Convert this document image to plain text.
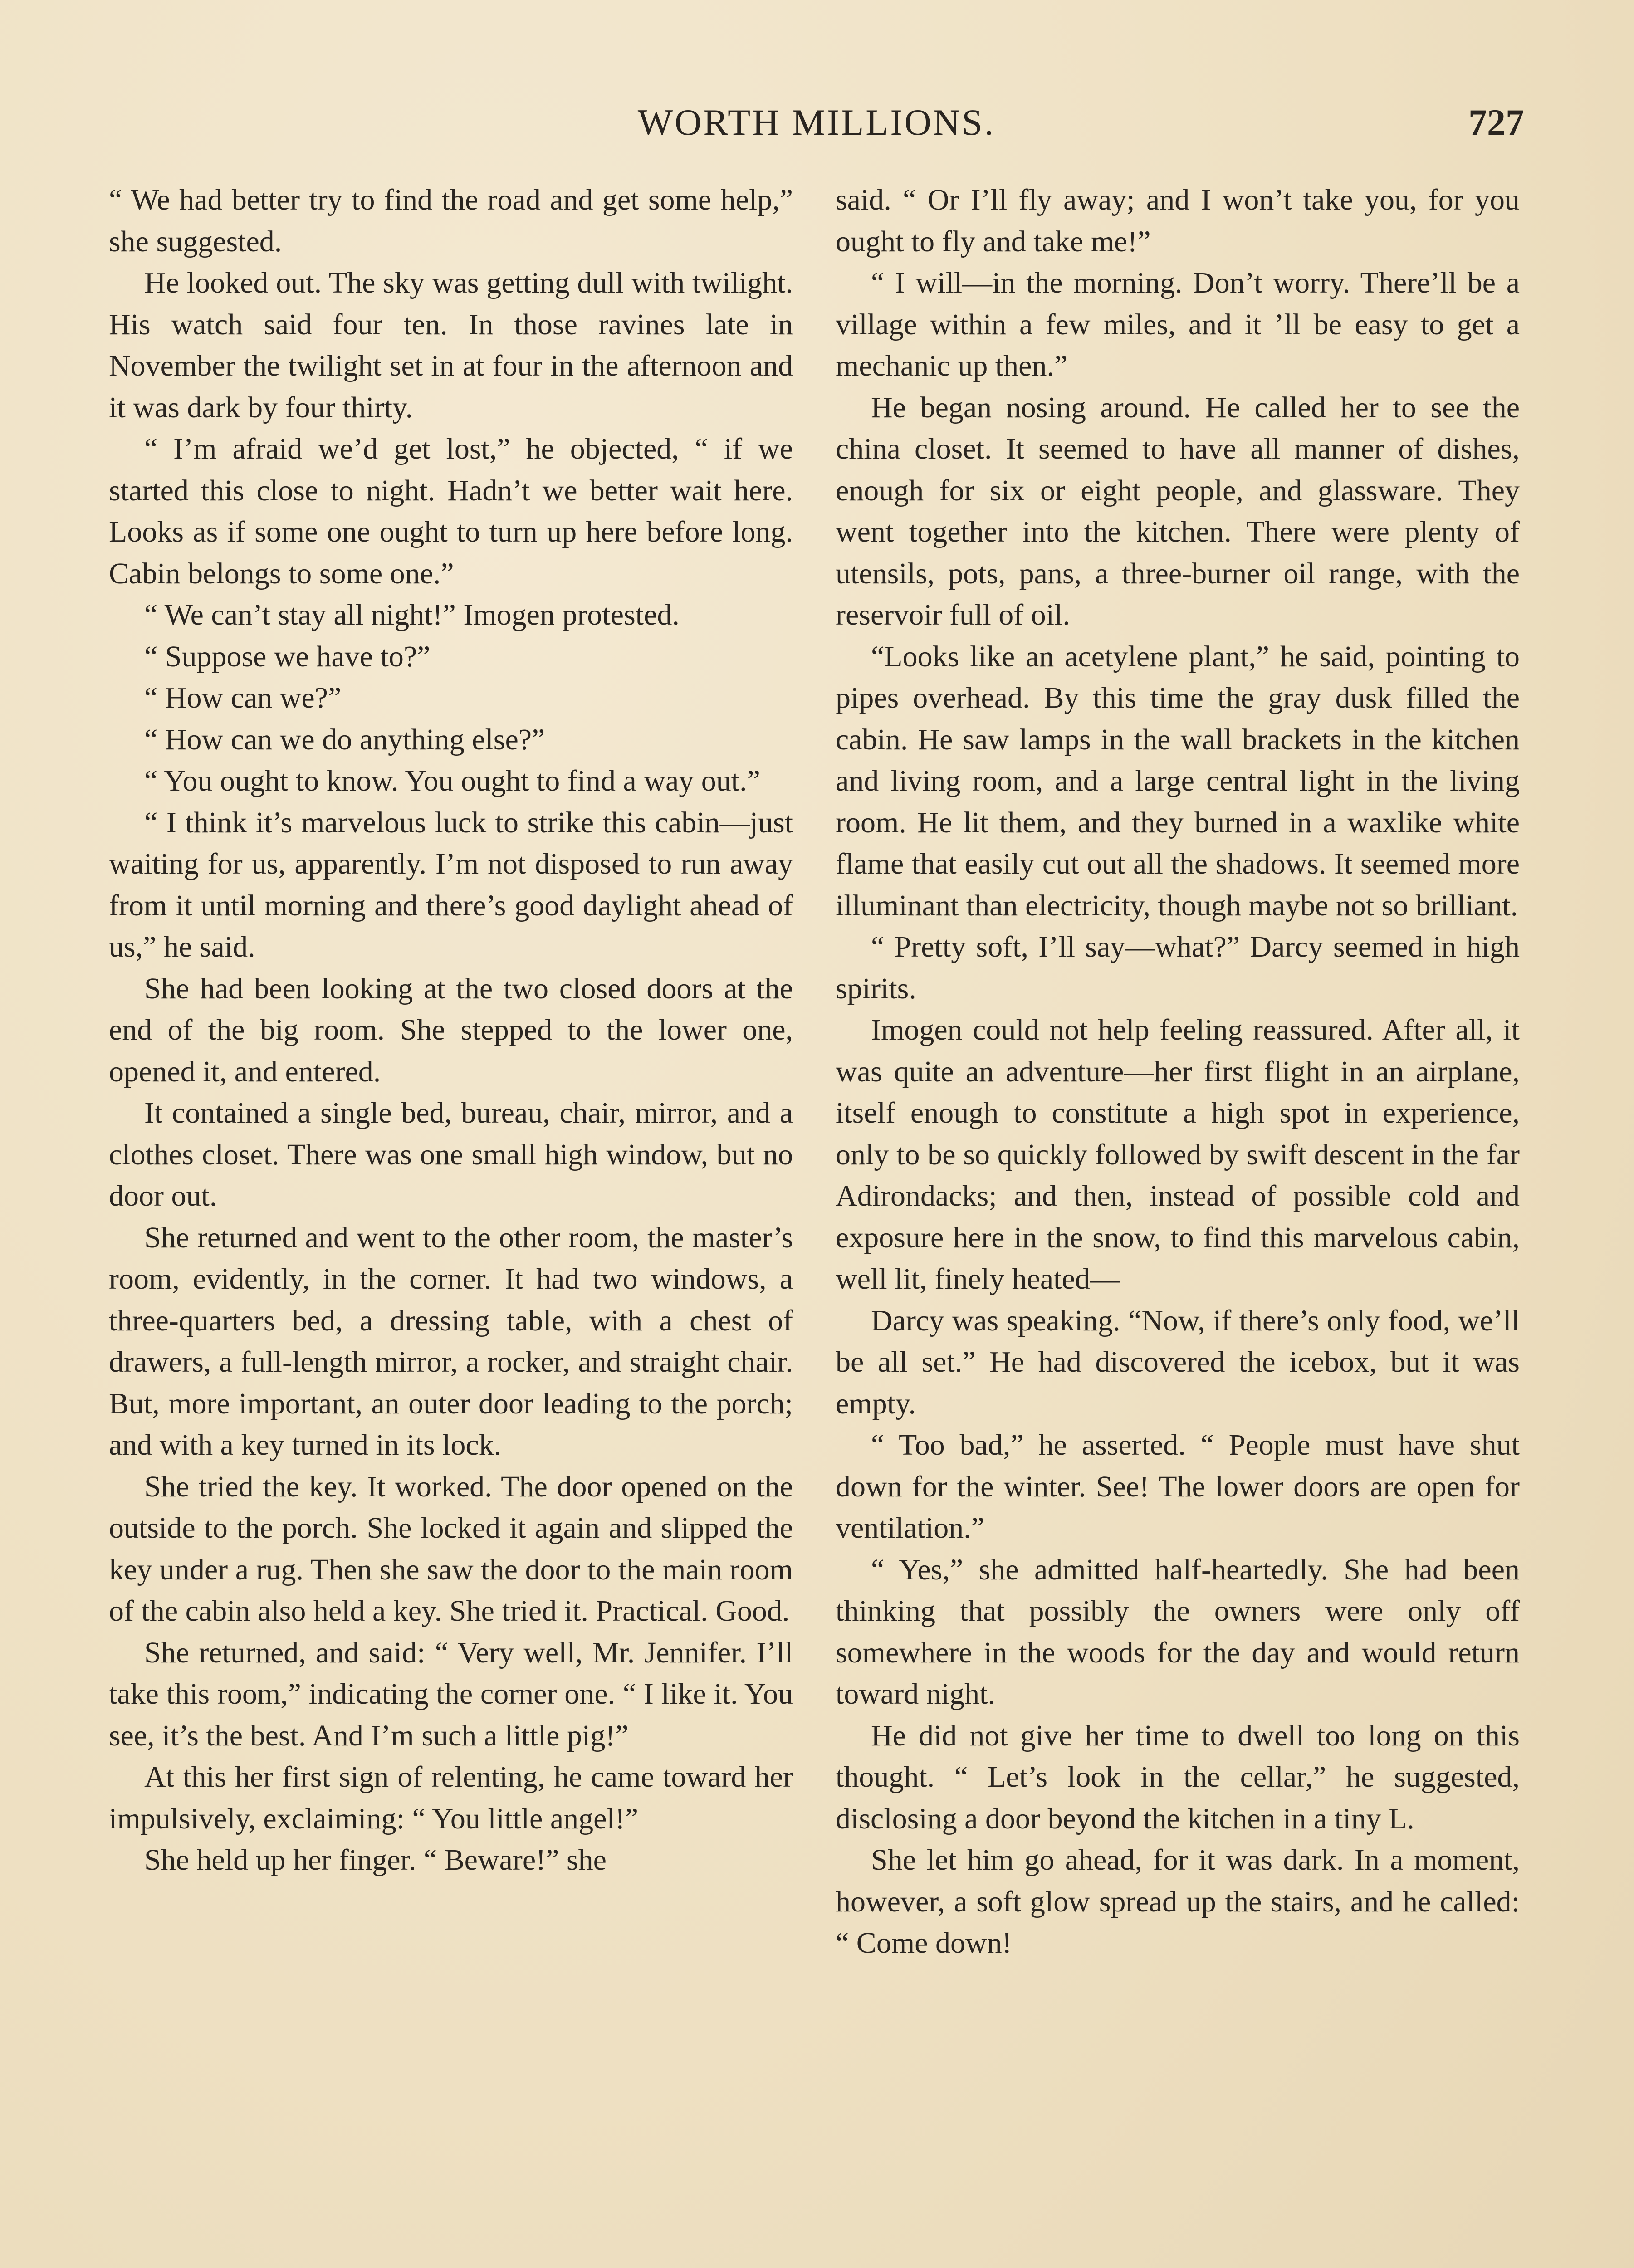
WORTH MILLIONS.	727

“ We had better try to find the road and get some help,” she suggested.

He looked out. The sky was getting dull with twilight. His watch said four ten. In those ravines late in November the twilight set in at four in the afternoon and it was dark by four thirty.

“ I’m afraid we’d get lost,” he objected, “ if we started this close to night. Hadn’t we better wait here. Looks as if some one ought to turn up here before long. Cabin belongs to some one.”

“ We can’t stay all night!” Imogen protested.

“ Suppose we have to?”

“ How can we?”

“ How can we do anything else?”

“ You ought to know. You ought to find a way out.”

“ I think it’s marvelous luck to strike this cabin—just waiting for us, apparently. I’m not disposed to run away from it until morning and there’s good daylight ahead of us,” he said.

She had been looking at the two closed doors at the end of the big room. She stepped to the lower one, opened it, and entered.

It contained a single bed, bureau, chair, mirror, and a clothes closet. There was one small high window, but no door out.

She returned and went to the other room, the master’s room, evidently, in the corner. It had two windows, a three-quarters bed, a dressing table, with a chest of drawers, a full-length mirror, a rocker, and straight chair. But, more important, an outer door leading to the porch; and with a key turned in its lock.

She tried the key. It worked. The door opened on the outside to the porch. She locked it again and slipped the key under a rug. Then she saw the door to the main room of the cabin also held a key. She tried it. Practical. Good.

She returned, and said: “ Very well, Mr. Jennifer. I’ll take this room,” indicating the corner one. “ I like it. You see, it’s the best. And I’m such a little pig!”

At this her first sign of relenting, he came toward her impulsively, exclaiming: “ You little angel!”

She held up her finger. “ Beware!” she

said. “ Or I’ll fly away; and I won’t take you, for you ought to fly and take me!”

“ I will—in the morning. Don’t worry. There’ll be a village within a few miles, and it ’ll be easy to get a mechanic up then.”

He began nosing around. He called her to see the china closet. It seemed to have all manner of dishes, enough for six or eight people, and glassware. They went together into the kitchen. There were plenty of utensils, pots, pans, a three-burner oil range, with the reservoir full of oil.

“Looks like an acetylene plant,” he said, pointing to pipes overhead. By this time the gray dusk filled the cabin. He saw lamps in the wall brackets in the kitchen and living room, and a large central light in the living room. He lit them, and they burned in a waxlike white flame that easily cut out all the shadows. It seemed more illuminant than electricity, though maybe not so brilliant.

“ Pretty soft, I’ll say—what?” Darcy seemed in high spirits.

Imogen could not help feeling reassured. After all, it was quite an adventure—her first flight in an airplane, itself enough to constitute a high spot in experience, only to be so quickly followed by swift descent in the far Adirondacks; and then, instead of possible cold and exposure here in the snow, to find this marvelous cabin, well lit, finely heated—

Darcy was speaking. “Now, if there’s only food, we’ll be all set.” He had discovered the icebox, but it was empty.

“ Too bad,” he asserted. “ People must have shut down for the winter. See! The lower doors are open for ventilation.”

“ Yes,” she admitted half-heartedly. She had been thinking that possibly the owners were only off somewhere in the woods for the day and would return toward night.

He did not give her time to dwell too long on this thought. “ Let’s look in the cellar,” he suggested, disclosing a door beyond the kitchen in a tiny L.

She let him go ahead, for it was dark. In a moment, however, a soft glow spread up the stairs, and he called: “ Come down!
